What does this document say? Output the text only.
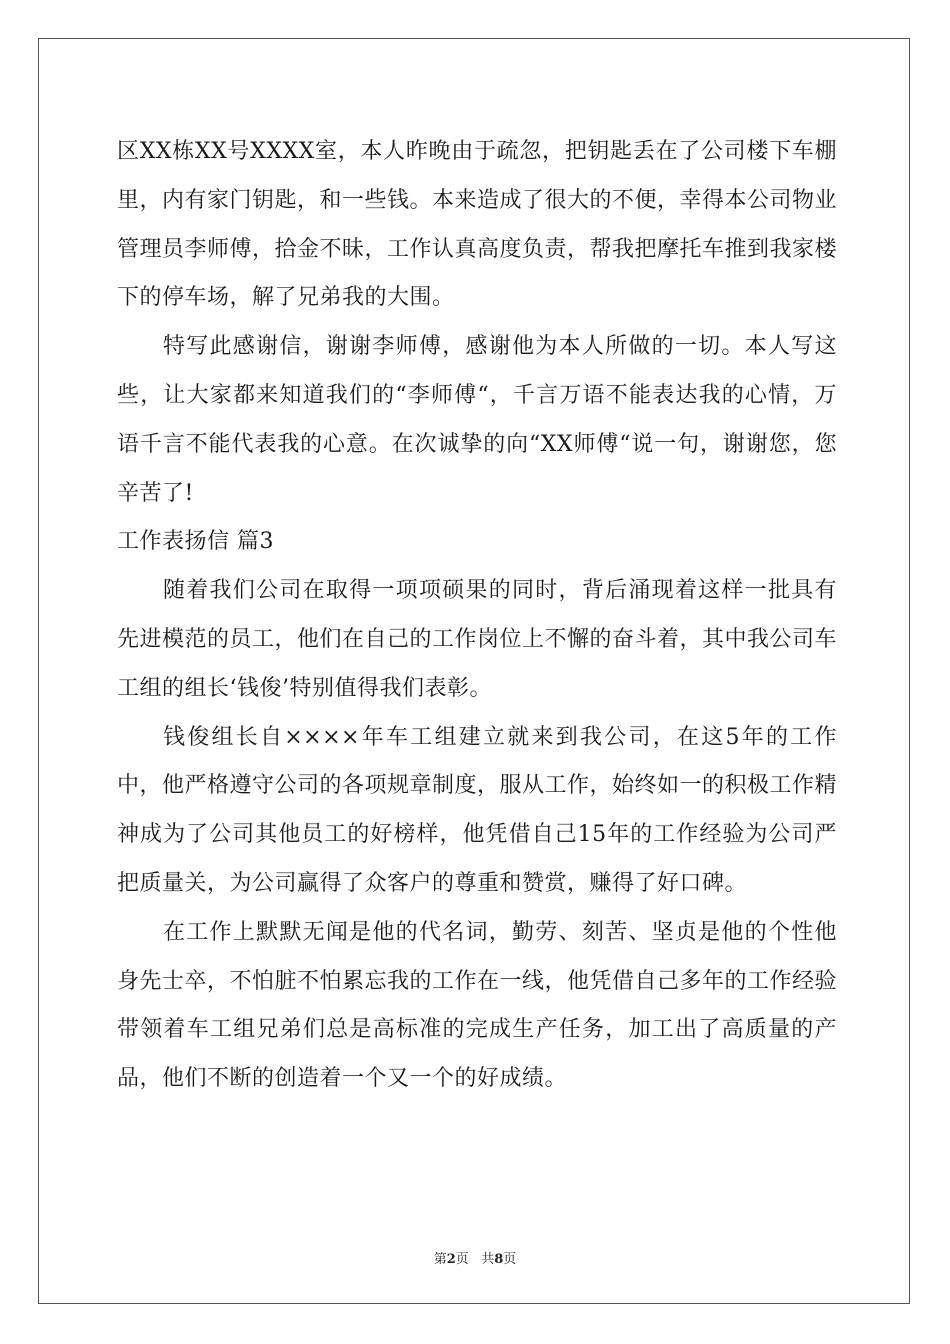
区XX栋XX号XXXX室，本人昨晚由于疏忽，把钥匙丢在了公司楼下车棚里，内有家门钥匙，和一些钱。本来造成了很大的不便，幸得本公司物业管理员李师傅，拾金不昧，工作认真高度负责，帮我把摩托车推到我家楼下的停车场，解了兄弟我的大围。

特写此感谢信，谢谢李师傅，感谢他为本人所做的一切。本人写这些，让大家都来知道我们的“李师傅“，千言万语不能表达我的心情，万语千言不能代表我的心意。在次诚挚的向“XX师傅“说一句，谢谢您，您辛苦了!

工作表扬信 篇3

随着我们公司在取得一项项硕果的同时，背后涌现着这样一批具有先进模范的员工，他们在自己的工作岗位上不懈的奋斗着，其中我公司车工组的组长‘钱俊’特别值得我们表彰。

钱俊组长自××××年车工组建立就来到我公司，在这5年的工作中，他严格遵守公司的各项规章制度，服从工作，始终如一的积极工作精神成为了公司其他员工的好榜样，他凭借自己15年的工作经验为公司严把质量关，为公司赢得了众客户的尊重和赞赏，赚得了好口碑。

在工作上默默无闻是他的代名词，勤劳、刻苦、坚贞是他的个性他身先士卒，不怕脏不怕累忘我的工作在一线，他凭借自己多年的工作经验带领着车工组兄弟们总是高标准的完成生产任务，加工出了高质量的产品，他们不断的创造着一个又一个的好成绩。

第2页   共8页
